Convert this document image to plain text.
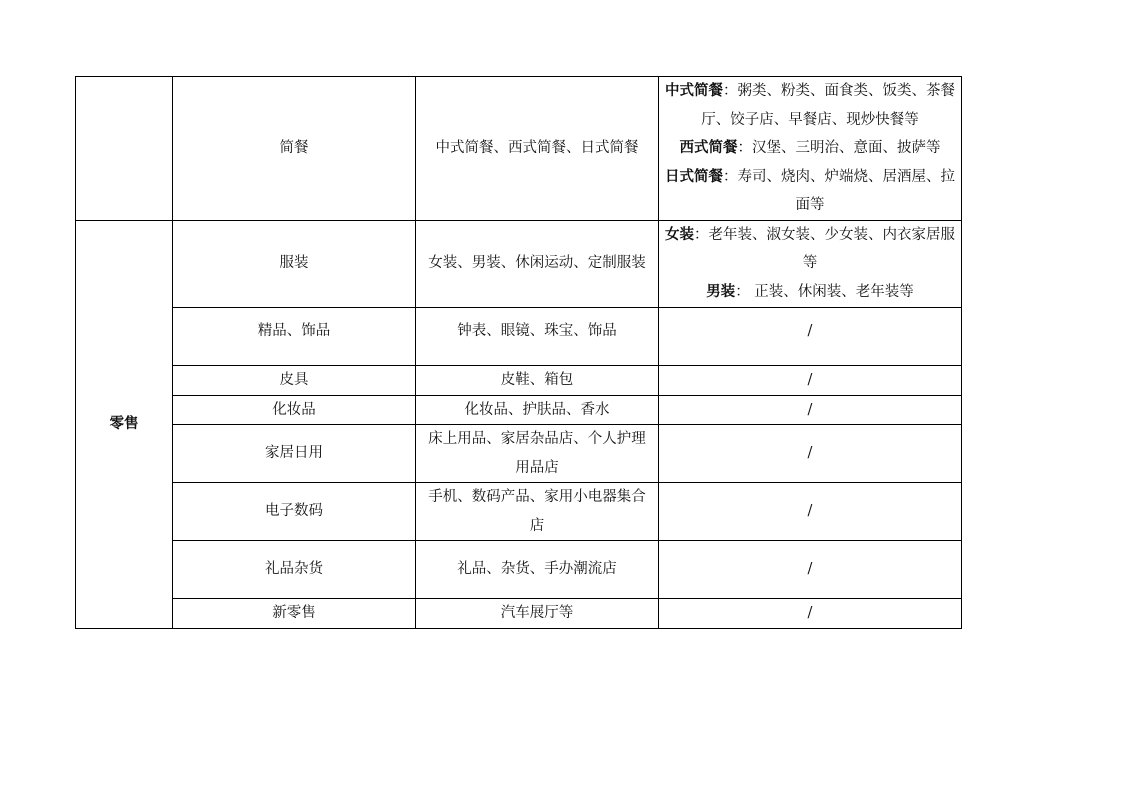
	简餐	中式简餐、西式简餐、日式简餐	中式简餐：粥类、粉类、面食类、饭类、茶餐厅、饺子店、早餐店、现炒快餐等
西式简餐：汉堡、三明治、意面、披萨等
日式简餐：寿司、烧肉、炉端烧、居酒屋、拉面等

零售	服装	女装、男装、休闲运动、定制服装	女装：老年装、淑女装、少女装、内衣家居服等
男装： 正装、休闲装、老年装等

	精品、饰品	钟表、眼镜、珠宝、饰品	/
	皮具	皮鞋、箱包	/
	化妆品	化妆品、护肤品、香水	/
	家居日用	床上用品、家居杂品店、个人护理用品店	/
	电子数码	手机、数码产品、家用小电器集合店	/
	礼品杂货	礼品、杂货、手办潮流店	/
	新零售	汽车展厅等	/
